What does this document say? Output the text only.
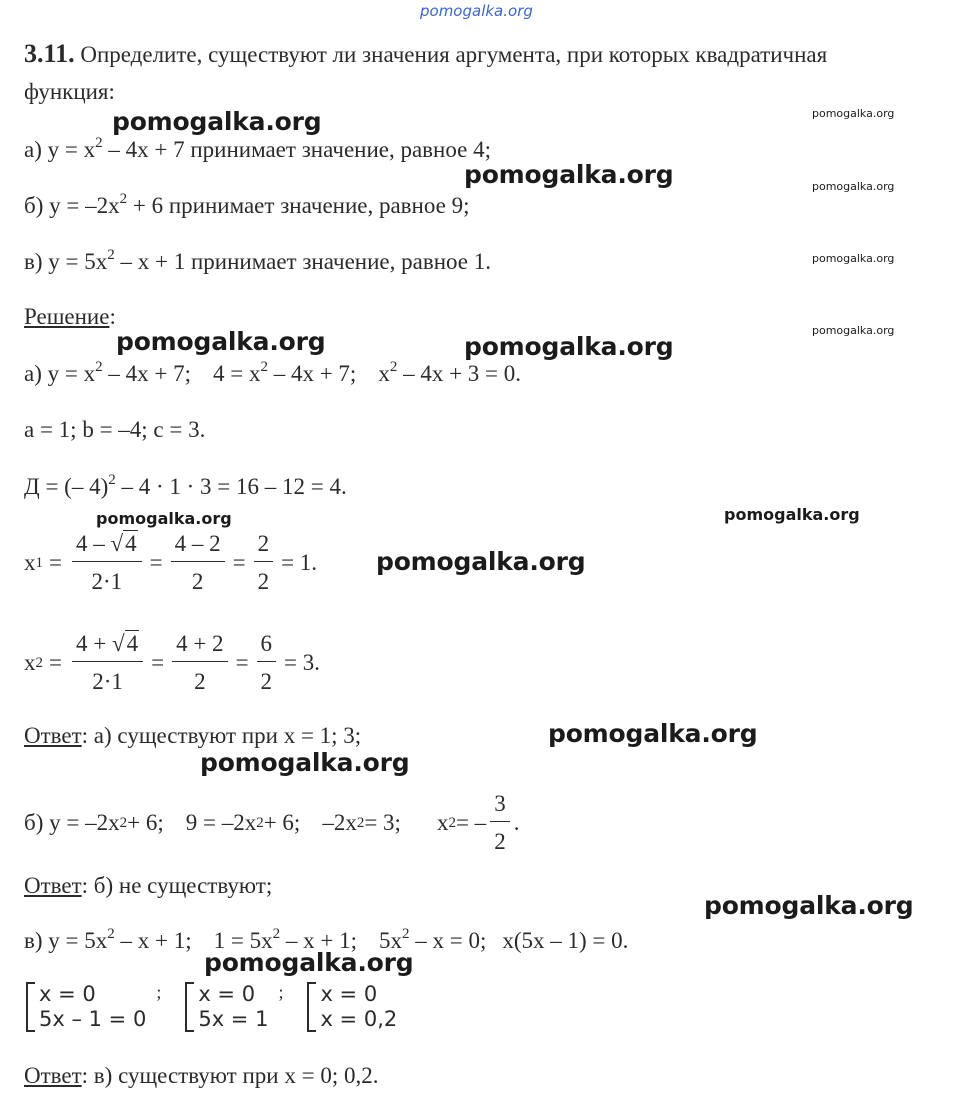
pomogalka.org
3.11. Определите, существуют ли значения аргумента, при которых квадратичная
функция:
а) $y = x^2 - 4x + 7$ принимает значение, равное 4;
б) $y = -2x^2 + 6$ принимает значение, равное 9;
в) $y = 5x^2 - x + 1$ принимает значение, равное 1.
Решение:
а) $y = x^2 - 4x + 7$; $4 = x^2 - 4x + 7$; $x^2 - 4x + 3 = 0$.
a = 1; b = –4; c = 3.
Д = (– 4)$^2$ – 4 · 1 · 3 = 16 – 12 = 4.
x $1 = \frac{4 - √4}{2\cdot 1} = \frac{4 - 2}{2} = \frac{2}{2} = 1$.
x $2 = \frac{4 + √4}{2\cdot 1} = \frac{4 + 2}{2} = \frac{6}{2} = 3$.
Ответ: а) существуют при x = 1; 3;
б) y = –2x 2 + 6; 9 = –2x 2 + 6; –2x 2 = 3; x 2 = – $\frac{3}{2}$ .
Ответ: б) не существуют;
в) $y = 5x^2 - x + 1$; $1 = 5x^2 - x + 1$; $5x^2 - x = 0$; x(5x – 1) = 0.
x = 0
5x – 1 = 0
; x = 0
5x = 1
; x = 0
x = 0,2
Ответ: в) существуют при x = 0; 0,2.
pomogalka.org
pomogalka.org
pomogalka.org	pomogalka.org
pomogalka.org
pomogalka.org
pomogalka.org
pomogalka.org
pomogalka.org
pomogalka.org	pomogalka.org
pomogalka.org
pomogalka.org
pomogalka.org
pomogalka.org
